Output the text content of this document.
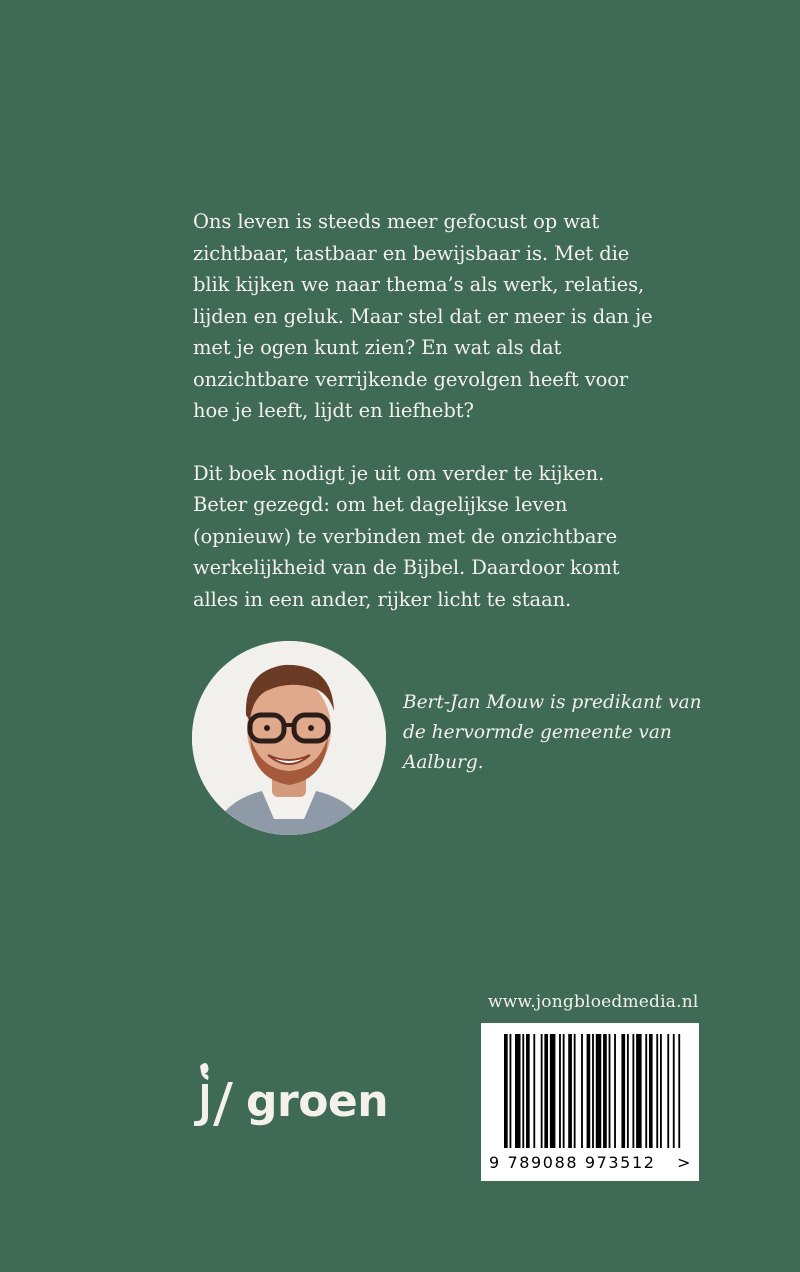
Ons leven is steeds meer gefocust op wat zichtbaar, tastbaar en bewijsbaar is. Met die blik kijken we naar thema’s als werk, relaties, lijden en geluk. Maar stel dat er meer is dan je met je ogen kunt zien? En wat als dat onzichtbare verrijkende gevolgen heeft voor hoe je leeft, lijdt en liefhebt?

Dit boek nodigt je uit om verder te kijken. Beter gezegd: om het dagelijkse leven (opnieuw) te verbinden met de onzichtbare werkelijkheid van de Bijbel. Daardoor komt alles in een ander, rijker licht te staan.

Bert-Jan Mouw is predikant van de hervormde gemeente van Aalburg.
www.jongbloedmedia.nl
9 789088 973512 >
groen
